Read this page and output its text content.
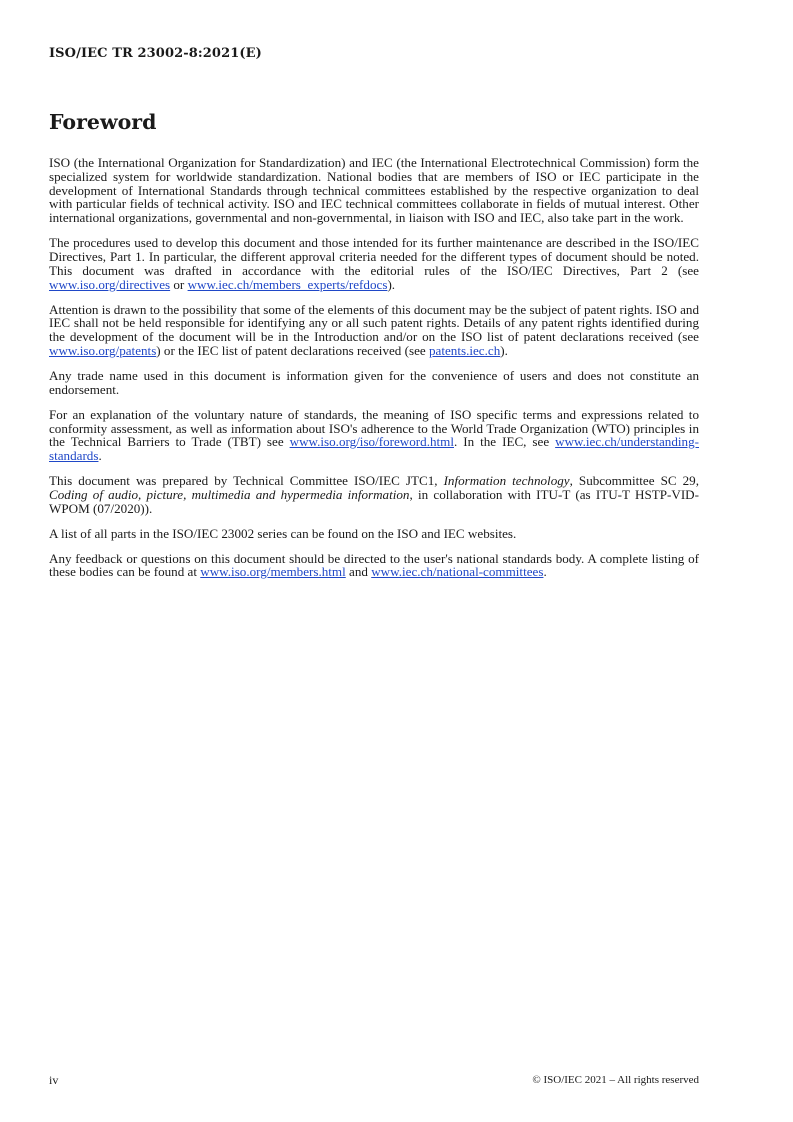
ISO/IEC TR 23002-8:2021(E)
Foreword

ISO (the International Organization for Standardization) and IEC (the International Electrotechnical Commission) form the specialized system for worldwide standardization. National bodies that are members of ISO or IEC participate in the development of International Standards through technical committees established by the respective organization to deal with particular fields of technical activity. ISO and IEC technical committees collaborate in fields of mutual interest. Other international organizations, governmental and non-governmental, in liaison with ISO and IEC, also take part in the work.

The procedures used to develop this document and those intended for its further maintenance are described in the ISO/IEC Directives, Part 1. In particular, the different approval criteria needed for the different types of document should be noted. This document was drafted in accordance with the editorial rules of the ISO/IEC Directives, Part 2 (see www.iso.org/directives or www.iec.ch/members_experts/refdocs).

Attention is drawn to the possibility that some of the elements of this document may be the subject of patent rights. ISO and IEC shall not be held responsible for identifying any or all such patent rights. Details of any patent rights identified during the development of the document will be in the Introduction and/or on the ISO list of patent declarations received (see www.iso.org/patents) or the IEC list of patent declarations received (see patents.iec.ch).

Any trade name used in this document is information given for the convenience of users and does not constitute an endorsement.

For an explanation of the voluntary nature of standards, the meaning of ISO specific terms and expressions related to conformity assessment, as well as information about ISO's adherence to the World Trade Organization (WTO) principles in the Technical Barriers to Trade (TBT) see www.iso.org/iso/foreword.html. In the IEC, see www.iec.ch/understanding-standards.

This document was prepared by Technical Committee ISO/IEC JTC1, Information technology, Subcommittee SC 29, Coding of audio, picture, multimedia and hypermedia information, in collaboration with ITU-T (as ITU-T HSTP-VID-WPOM (07/2020)).

A list of all parts in the ISO/IEC 23002 series can be found on the ISO and IEC websites.

Any feedback or questions on this document should be directed to the user's national standards body. A complete listing of these bodies can be found at www.iso.org/members.html and www.iec.ch/national-committees.

iv	© ISO/IEC 2021 – All rights reserved
